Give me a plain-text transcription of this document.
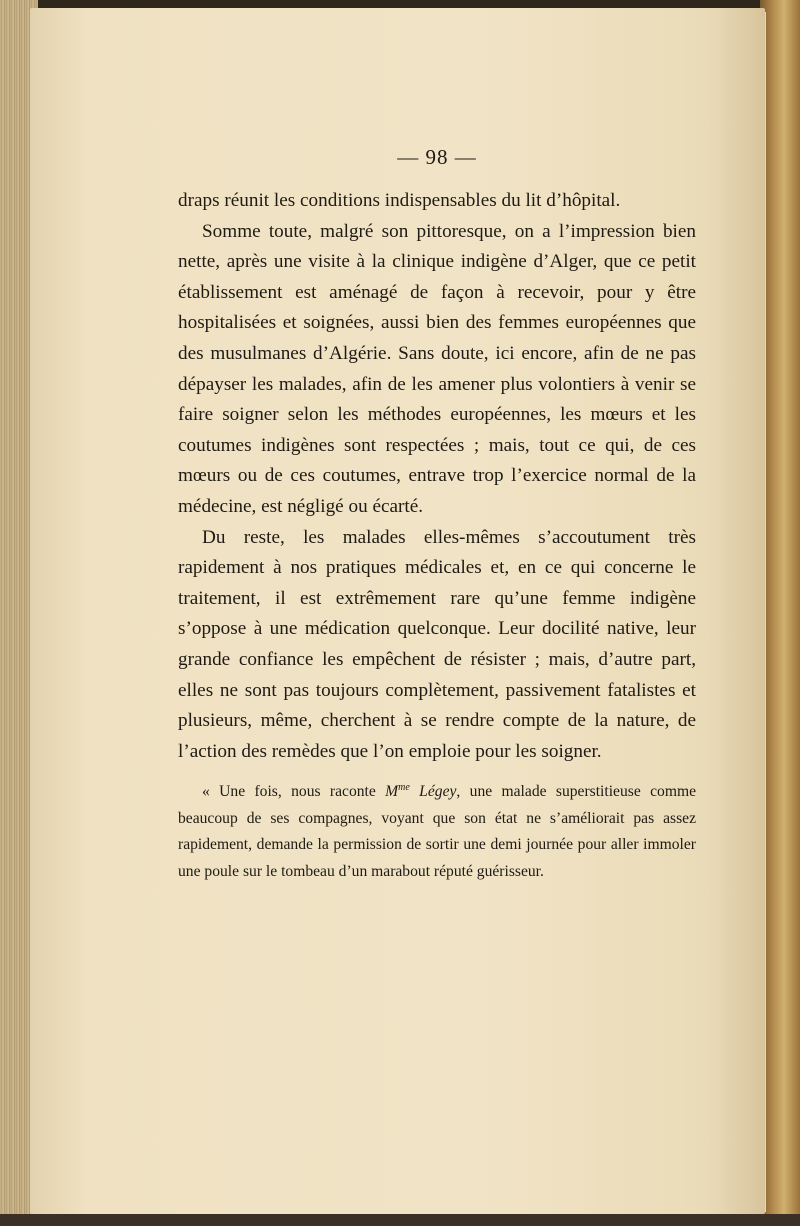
— 98 —

draps réunit les conditions indispensables du lit d’hôpital.

Somme toute, malgré son pittoresque, on a l’impression bien nette, après une visite à la clinique indigène d’Alger, que ce petit établissement est aménagé de façon à recevoir, pour y être hospitalisées et soignées, aussi bien des femmes européennes que des musulmanes d’Algérie. Sans doute, ici encore, afin de ne pas dépayser les malades, afin de les amener plus volontiers à venir se faire soigner selon les méthodes européennes, les mœurs et les coutumes indigènes sont respectées ; mais, tout ce qui, de ces mœurs ou de ces coutumes, entrave trop l’exercice normal de la médecine, est négligé ou écarté.

Du reste, les malades elles-mêmes s’accoutument très rapidement à nos pratiques médicales et, en ce qui concerne le traitement, il est extrêmement rare qu’une femme indigène s’oppose à une médication quelconque. Leur docilité native, leur grande confiance les empêchent de résister ; mais, d’autre part, elles ne sont pas toujours complètement, passivement fatalistes et plusieurs, même, cherchent à se rendre compte de la nature, de l’action des remèdes que l’on emploie pour les soigner.

« Une fois, nous raconte $M^{me}$ Légey, une malade superstitieuse comme beaucoup de ses compagnes, voyant que son état ne s’améliorait pas assez rapidement, demande la permission de sortir une demi journée pour aller immoler une poule sur le tombeau d’un marabout réputé guérisseur.
